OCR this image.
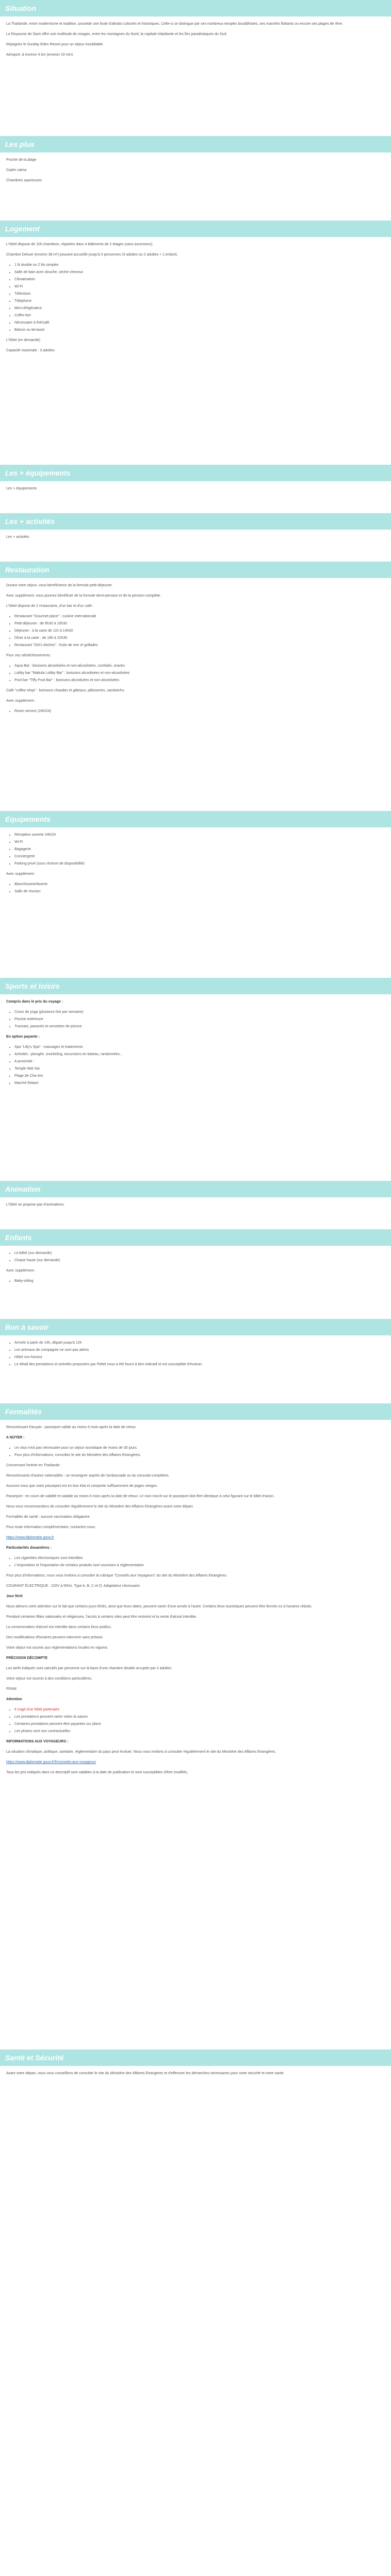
Situation

La Thaïlande, entre modernisme et tradition, possède une foule d'attraits culturels et historiques. Celle-ci se distingue par ses nombreux temples bouddhistes, ses marchés flottants ou encore ses plages de rêve.

Le Royaume de Siam offre une multitude de visages, entre les montagnes du Nord, la capitale trépidante et les îles paradisiaques du Sud.

Rejoignez le Sunday Eden Resort pour un séjour inoubliable.

Aéroport: à environ 4 km (environ 10 min)

Les plus

Proche de la plage

Cadre calme

Chambres spacieuses

Logement

L'hôtel dispose de 100 chambres, réparties dans 4 bâtiments de 2 étages (sans ascenseur).

Chambre Deluxe (environ 38 m²) pouvant accueillir jusqu'à 3 personnes (3 adultes ou 2 adultes + 1 enfant).

• 1 lit double ou 2 lits simples
• Salle de bain avec douche, sèche-cheveux
• Climatisation
• Wi-Fi
• Télévision
• Téléphone
• Mini-réfrigérateur
• Coffre-fort
• Nécessaire à thé/café
• Balcon ou terrasse

L'hôtel (en demande)

Capacité maximale : 3 adultes

Les + équipements

Les + équipements

Les + activités

Les + activités

Restauration

Durant votre séjour, vous bénéficierez de la formule petit-déjeuner.

Avec supplément, vous pourrez bénéficier de la formule demi-pension et de la pension complète.

L'hôtel dispose de 2 restaurants, d'un bar et d'un café :

• Restaurant "Gourmet place" : cuisine internationale
• Petit-déjeuner : de 6h30 à 10h30
• Déjeuner : à la carte de 11h à 14h30
• Dîner à la carte : de 18h à 22h30
• Restaurant "Girl's kitchen" : fruits de mer et grillades

Pour vos rafraîchissements :

• Aqua Bar : boissons alcoolisées et non-alcoolisées, cocktails, snacks
• Lobby bar "Mabula Lobby Bar" : boissons alcoolisées et non-alcoolisées
• Pool bar "Tiffy Pool Bar" : boissons alcoolisées et non-alcoolisées

Café "coffee shop" : boissons chaudes et gâteaux, pâtisseries, sandwichs.

Avec supplément :

• Room service (24h/24)
Equipements
• Réception ouverte 24h/24
• Wi-Fi
• Bagagerie
• Conciergerie
• Parking privé (sous réserve de disponibilité)

Avec supplément :

• Blanchisserie/laverie
• Salle de réunion
Sports et loisirs

Compris dans le prix du voyage :

• Cours de yoga (plusieurs fois par semaine)
• Piscine extérieure
• Transats, parasols et serviettes de piscine

En option payante :

• Spa "Lilly's Spa" : massages et traitements
• Activités : plongée, snorkeling, excursions en bateau, randonnées...
• A proximité :
• Temple Wat Sai
• Plage de Cha-Am
• Marché flottant
Animation

L'hôtel ne propose pas d'animations.

Enfants
• Lit bébé (sur demande)
• Chaise haute (sur demande)

Avec supplément :

• Baby-sitting
Bon à savoir
• Arrivée à partir de 14h, départ jusqu'à 12h
• Les animaux de compagnie ne sont pas admis
• Hôtel non-fumeur
• Le détail des prestations et activités proposées par l'hôtel nous a été fourni à titre indicatif et est susceptible d'évoluer.
Formalités

Ressortissant français : passeport valide au moins 6 mois après la date de retour.

A NOTER :

• Un visa n'est pas nécessaire pour un séjour touristique de moins de 30 jours.
• Pour plus d'informations, consultez le site du Ministère des Affaires Etrangères.

Concernant l'entrée en Thaïlande :

Ressortissants d'autres nationalités : se renseigner auprès de l'ambassade ou du consulat compétent.

Assurez-vous que votre passeport est en bon état et comporte suffisamment de pages vierges.

Passeport : en cours de validité et valable au moins 6 mois après la date de retour. Le nom inscrit sur le passeport doit être identique à celui figurant sur le billet d'avion.

Nous vous recommandons de consulter régulièrement le site du Ministère des Affaires Etrangères avant votre départ.

Formalités de santé : aucune vaccination obligatoire.

Pour toute information complémentaire, contactez-nous.

https://www.diplomatie.gouv.fr

Particularités douanières :

• Les cigarettes électroniques sont interdites
• L'importation et l'exportation de certains produits sont soumises à réglementation

Pour plus d'informations, nous vous invitons à consulter la rubrique "Conseils aux Voyageurs" du site du Ministère des Affaires Etrangères.

COURANT ÉLECTRIQUE : 220V à 50Hz. Type A, B, C et O. Adaptateur nécessaire.

Jour férié

Nous attirons votre attention sur le fait que certains jours fériés, ainsi que leurs dates, peuvent varier d'une année à l'autre. Certains lieux touristiques peuvent être fermés ou à horaires réduits.

Pendant certaines fêtes nationales et religieuses, l'accès à certains sites peut être restreint et la vente d'alcool interdite.

La consommation d'alcool est interdite dans certains lieux publics.

Des modifications d'horaires peuvent intervenir sans préavis.

Votre séjour est soumis aux réglementations locales en vigueur.

PRÉCISION DÉCOMPTE

Les tarifs indiqués sont calculés par personne sur la base d'une chambre double occupée par 2 adultes.

Votre séjour est soumis à des conditions particulières.

FRAM

Attention

• Il s'agit d'un hôtel partenaire
• Les prestations peuvent varier selon la saison
• Certaines prestations peuvent être payantes sur place
• Les photos sont non contractuelles

INFORMATIONS AUX VOYAGEURS :

La situation climatique, politique, sanitaire, réglementaire du pays peut évoluer. Nous vous invitons à consulter régulièrement le site du Ministère des Affaires Etrangères.

https://www.diplomatie.gouv.fr/fr/conseils-aux-voyageurs

Tous les prix indiqués dans ce descriptif sont valables à la date de publication et sont susceptibles d'être modifiés.

Santé et Sécurité

Avant votre départ, nous vous conseillons de consulter le site du Ministère des Affaires Etrangères et d'effectuer les démarches nécessaires pour votre sécurité et votre santé.
